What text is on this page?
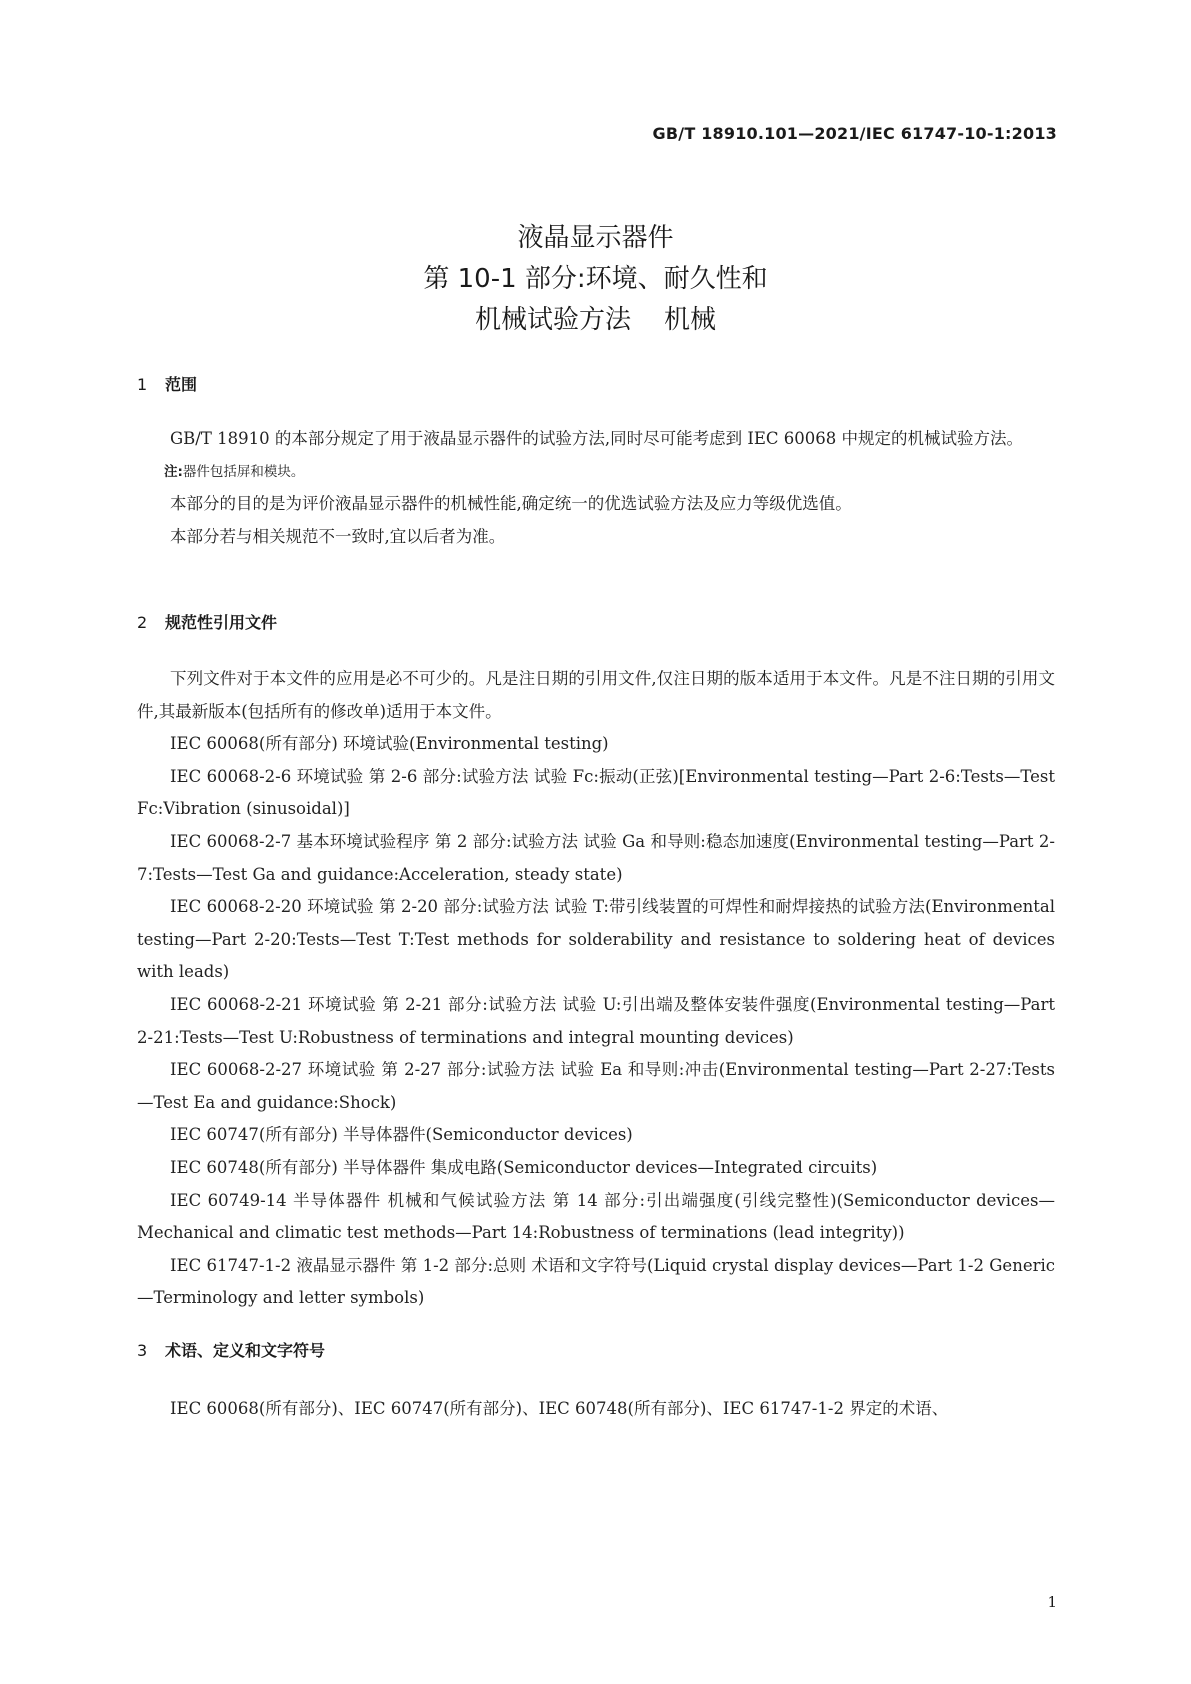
GB/T 18910.101—2021/IEC 61747-10-1:2013
液晶显示器件
第 10-1 部分:环境、耐久性和
机械试验方法    机械
1 范围

GB/T 18910 的本部分规定了用于液晶显示器件的试验方法,同时尽可能考虑到 IEC 60068 中规定的机械试验方法。

注:器件包括屏和模块。

本部分的目的是为评价液晶显示器件的机械性能,确定统一的优选试验方法及应力等级优选值。

本部分若与相关规范不一致时,宜以后者为准。

2 规范性引用文件

下列文件对于本文件的应用是必不可少的。凡是注日期的引用文件,仅注日期的版本适用于本文件。凡是不注日期的引用文件,其最新版本(包括所有的修改单)适用于本文件。

IEC 60068(所有部分) 环境试验(Environmental testing)

IEC 60068-2-6 环境试验 第 2-6 部分:试验方法 试验 Fc:振动(正弦)[Environmental testing—Part 2-6:Tests—Test Fc:Vibration (sinusoidal)]

IEC 60068-2-7 基本环境试验程序 第 2 部分:试验方法 试验 Ga 和导则:稳态加速度(Environmental testing—Part 2-7:Tests—Test Ga and guidance:Acceleration, steady state)

IEC 60068-2-20 环境试验 第 2-20 部分:试验方法 试验 T:带引线装置的可焊性和耐焊接热的试验方法(Environmental testing—Part 2-20:Tests—Test T:Test methods for solderability and resistance to soldering heat of devices with leads)

IEC 60068-2-21 环境试验 第 2-21 部分:试验方法 试验 U:引出端及整体安装件强度(Environmental testing—Part 2-21:Tests—Test U:Robustness of terminations and integral mounting devices)

IEC 60068-2-27 环境试验 第 2-27 部分:试验方法 试验 Ea 和导则:冲击(Environmental testing—Part 2-27:Tests—Test Ea and guidance:Shock)

IEC 60747(所有部分) 半导体器件(Semiconductor devices)

IEC 60748(所有部分) 半导体器件 集成电路(Semiconductor devices—Integrated circuits)

IEC 60749-14 半导体器件 机械和气候试验方法 第 14 部分:引出端强度(引线完整性)(Semiconductor devices—Mechanical and climatic test methods—Part 14:Robustness of terminations (lead integrity))

IEC 61747-1-2 液晶显示器件 第 1-2 部分:总则 术语和文字符号(Liquid crystal display devices—Part 1-2 Generic—Terminology and letter symbols)

3 术语、定义和文字符号

IEC 60068(所有部分)、IEC 60747(所有部分)、IEC 60748(所有部分)、IEC 61747-1-2 界定的术语、

1
